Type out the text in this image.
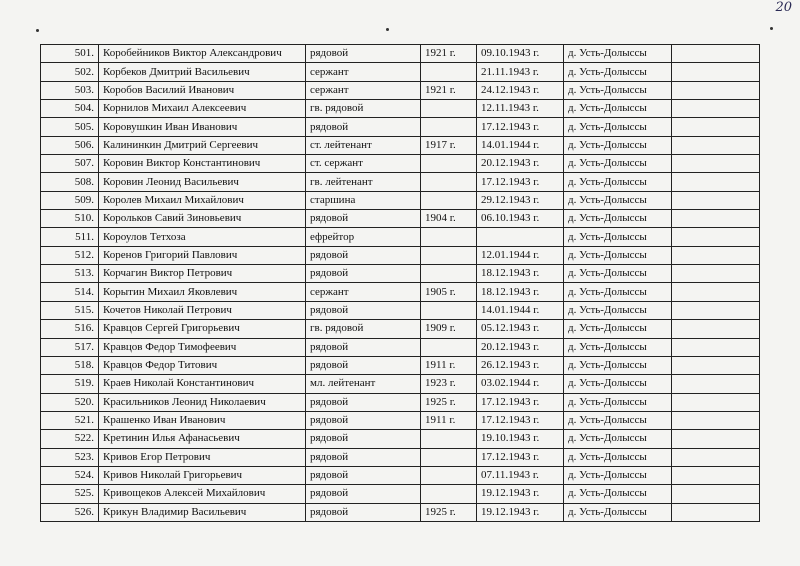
20
501.	Коробейников Виктор Александрович	рядовой	1921 г.	09.10.1943 г.	д. Усть-Долыссы	
502.	Корбеков Дмитрий Васильевич	сержант		21.11.1943 г.	д. Усть-Долыссы	
503.	Коробов Василий Иванович	сержант	1921 г.	24.12.1943 г.	д. Усть-Долыссы	
504.	Корнилов Михаил Алексеевич	гв. рядовой		12.11.1943 г.	д. Усть-Долыссы	
505.	Коровушкин Иван Иванович	рядовой		17.12.1943 г.	д. Усть-Долыссы	
506.	Калининкин Дмитрий Сергеевич	ст. лейтенант	1917 г.	14.01.1944 г.	д. Усть-Долыссы	
507.	Коровин Виктор Константинович	ст. сержант		20.12.1943 г.	д. Усть-Долыссы	
508.	Коровин Леонид Васильевич	гв. лейтенант		17.12.1943 г.	д. Усть-Долыссы	
509.	Королев Михаил Михайлович	старшина		29.12.1943 г.	д. Усть-Долыссы	
510.	Корольков Савий Зиновьевич	рядовой	1904 г.	06.10.1943 г.	д. Усть-Долыссы	
511.	Короулов Тетхоза	ефрейтор			д. Усть-Долыссы	
512.	Коренов Григорий Павлович	рядовой		12.01.1944 г.	д. Усть-Долыссы	
513.	Корчагин Виктор Петрович	рядовой		18.12.1943 г.	д. Усть-Долыссы	
514.	Корытин Михаил Яковлевич	сержант	1905 г.	18.12.1943 г.	д. Усть-Долыссы	
515.	Кочетов Николай Петрович	рядовой		14.01.1944 г.	д. Усть-Долыссы	
516.	Кравцов Сергей Григорьевич	гв. рядовой	1909 г.	05.12.1943 г.	д. Усть-Долыссы	
517.	Кравцов Федор Тимофеевич	рядовой		20.12.1943 г.	д. Усть-Долыссы	
518.	Кравцов Федор Титович	рядовой	1911 г.	26.12.1943 г.	д. Усть-Долыссы	
519.	Краев Николай Константинович	мл. лейтенант	1923 г.	03.02.1944 г.	д. Усть-Долыссы	
520.	Красильников Леонид Николаевич	рядовой	1925 г.	17.12.1943 г.	д. Усть-Долыссы	
521.	Крашенко Иван Иванович	рядовой	1911 г.	17.12.1943 г.	д. Усть-Долыссы	
522.	Кретинин Илья Афанасьевич	рядовой		19.10.1943 г.	д. Усть-Долыссы	
523.	Кривов Егор Петрович	рядовой		17.12.1943 г.	д. Усть-Долыссы	
524.	Кривов Николай Григорьевич	рядовой		07.11.1943 г.	д. Усть-Долыссы	
525.	Кривощеков Алексей Михайлович	рядовой		19.12.1943 г.	д. Усть-Долыссы	
526.	Крикун Владимир Васильевич	рядовой	1925 г.	19.12.1943 г.	д. Усть-Долыссы	
